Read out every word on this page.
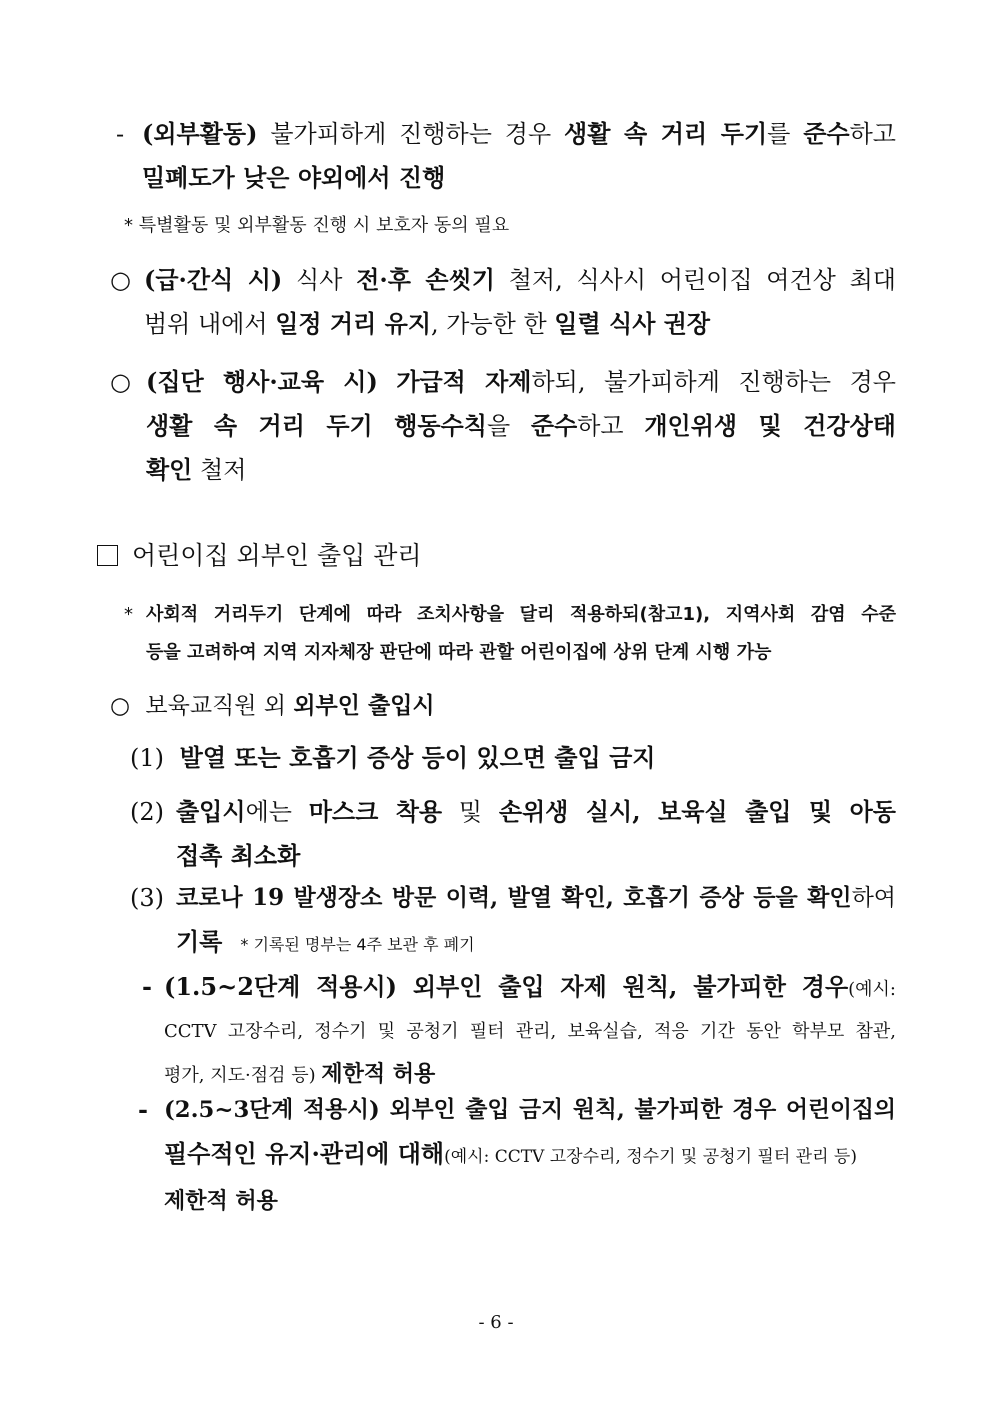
- (외부활동) 불가피하게 진행하는 경우 생활 속 거리 두기를 준수하고
밀폐도가 낮은 야외에서 진행
* 특별활동 및 외부활동 진행 시 보호자 동의 필요
○ (급·간식 시) 식사 전·후 손씻기 철저, 식사시 어린이집 여건상 최대
범위 내에서 일정 거리 유지, 가능한 한 일렬 식사 권장
○ (집단 행사·교육 시) 가급적 자제하되, 불가피하게 진행하는 경우
생활 속 거리 두기 행동수칙을 준수하고 개인위생 및 건강상태
확인 철저
어린이집 외부인 출입 관리
* 사회적 거리두기 단계에 따라 조치사항을 달리 적용하되(참고1), 지역사회 감염 수준
등을 고려하여 지역 지자체장 판단에 따라 관할 어린이집에 상위 단계 시행 가능
○ 보육교직원 외 외부인 출입시
(1) 발열 또는 호흡기 증상 등이 있으면 출입 금지
(2) 출입시에는 마스크 착용 및 손위생 실시, 보육실 출입 및 아동
접촉 최소화
(3) 코로나 19 발생장소 방문 이력, 발열 확인, 호흡기 증상 등을 확인하여
기록 * 기록된 명부는 4주 보관 후 폐기
- (1.5~2단계 적용시) 외부인 출입 자제 원칙, 불가피한 경우(예시:
CCTV 고장수리, 정수기 및 공청기 필터 관리, 보육실습, 적응 기간 동안 학부모 참관,
평가, 지도·점검 등) 제한적 허용
- (2.5~3단계 적용시) 외부인 출입 금지 원칙, 불가피한 경우 어린이집의
필수적인 유지·관리에 대해(예시: CCTV 고장수리, 정수기 및 공청기 필터 관리 등)
제한적 허용
- 6 -
